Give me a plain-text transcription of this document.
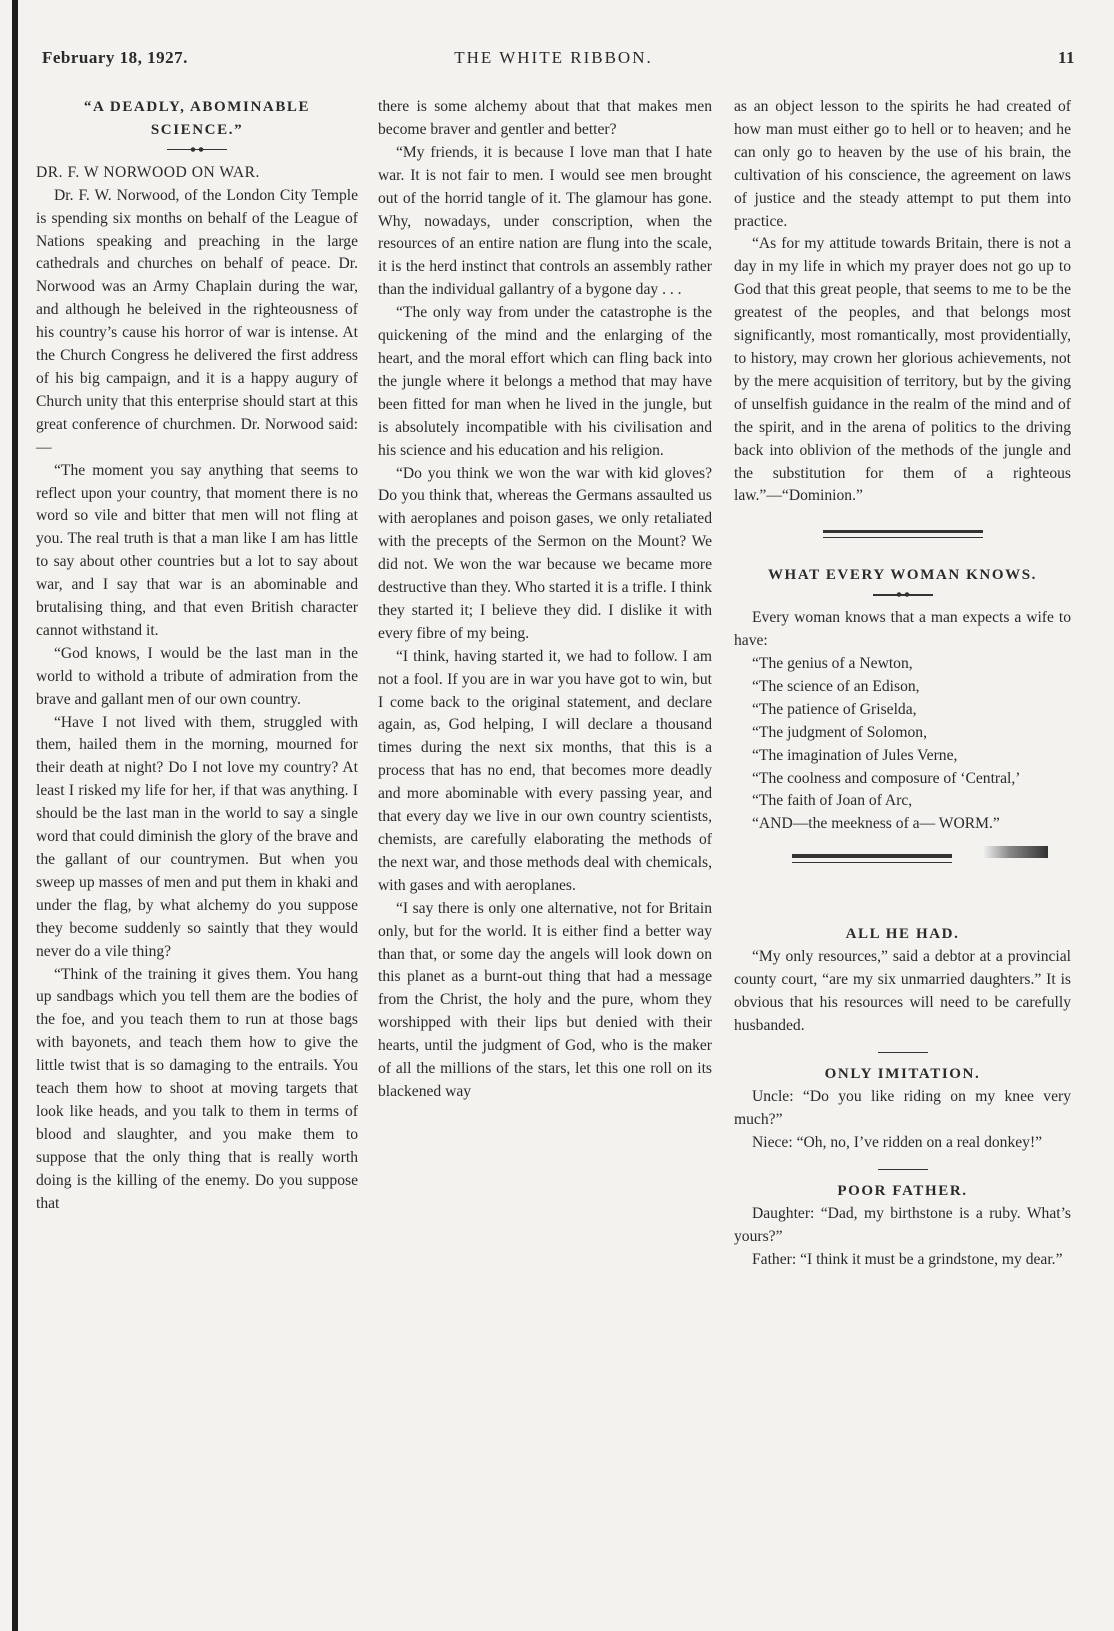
February 18, 1927.	THE WHITE RIBBON.	11
“A DEADLY, ABOMINABLE SCIENCE.”

DR. F. W NORWOOD ON WAR.

Dr. F. W. Norwood, of the London City Temple is spending six months on behalf of the League of Nations speaking and preaching in the large cathedrals and churches on behalf of peace. Dr. Norwood was an Army Chaplain during the war, and although he beleived in the righteousness of his country’s cause his horror of war is intense. At the Church Congress he delivered the first address of his big campaign, and it is a happy augury of Church unity that this enterprise should start at this great conference of churchmen. Dr. Norwood said:—

“The moment you say anything that seems to reflect upon your country, that moment there is no word so vile and bitter that men will not fling at you. The real truth is that a man like I am has little to say about other countries but a lot to say about war, and I say that war is an abominable and brutalising thing, and that even British character cannot withstand it.

“God knows, I would be the last man in the world to withold a tribute of admiration from the brave and gallant men of our own country.

“Have I not lived with them, struggled with them, hailed them in the morning, mourned for their death at night? Do I not love my country? At least I risked my life for her, if that was anything. I should be the last man in the world to say a single word that could diminish the glory of the brave and the gallant of our countrymen. But when you sweep up masses of men and put them in khaki and under the flag, by what alchemy do you suppose they become suddenly so saintly that they would never do a vile thing?

“Think of the training it gives them. You hang up sandbags which you tell them are the bodies of the foe, and you teach them to run at those bags with bayonets, and teach them how to give the little twist that is so damaging to the entrails. You teach them how to shoot at moving targets that look like heads, and you talk to them in terms of blood and slaughter, and you make them to suppose that the only thing that is really worth doing is the killing of the enemy. Do you suppose that

there is some alchemy about that that makes men become braver and gentler and better?

“My friends, it is because I love man that I hate war. It is not fair to men. I would see men brought out of the horrid tangle of it. The glamour has gone. Why, nowadays, under conscription, when the resources of an entire nation are flung into the scale, it is the herd instinct that controls an assembly rather than the individual gallantry of a bygone day . . .

“The only way from under the catastrophe is the quickening of the mind and the enlarging of the heart, and the moral effort which can fling back into the jungle where it belongs a method that may have been fitted for man when he lived in the jungle, but is absolutely incompatible with his civilisation and his science and his education and his religion.

“Do you think we won the war with kid gloves? Do you think that, whereas the Germans assaulted us with aeroplanes and poison gases, we only retaliated with the precepts of the Sermon on the Mount? We did not. We won the war because we became more destructive than they. Who started it is a trifle. I think they started it; I believe they did. I dislike it with every fibre of my being.

“I think, having started it, we had to follow. I am not a fool. If you are in war you have got to win, but I come back to the original statement, and declare again, as, God helping, I will declare a thousand times during the next six months, that this is a process that has no end, that becomes more deadly and more abominable with every passing year, and that every day we live in our own country scientists, chemists, are carefully elaborating the methods of the next war, and those methods deal with chemicals, with gases and with aeroplanes.

“I say there is only one alternative, not for Britain only, but for the world. It is either find a better way than that, or some day the angels will look down on this planet as a burnt-out thing that had a message from the Christ, the holy and the pure, whom they worshipped with their lips but denied with their hearts, until the judgment of God, who is the maker of all the millions of the stars, let this one roll on its blackened way

as an object lesson to the spirits he had created of how man must either go to hell or to heaven; and he can only go to heaven by the use of his brain, the cultivation of his conscience, the agreement on laws of justice and the steady attempt to put them into practice.

“As for my attitude towards Britain, there is not a day in my life in which my prayer does not go up to God that this great people, that seems to me to be the greatest of the peoples, and that belongs most significantly, most romantically, most providentially, to history, may crown her glorious achievements, not by the mere acquisition of territory, but by the giving of unselfish guidance in the realm of the mind and of the spirit, and in the arena of politics to the driving back into oblivion of the methods of the jungle and the substitution for them of a righteous law.”—“Dominion.”

WHAT EVERY WOMAN KNOWS.

Every woman knows that a man expects a wife to have:

“The genius of a Newton,

“The science of an Edison,

“The patience of Griselda,

“The judgment of Solomon,

“The imagination of Jules Verne,

“The coolness and composure of ‘Central,’

“The faith of Joan of Arc,

“AND—the meekness of a— WORM.”

ALL HE HAD.

“My only resources,” said a debtor at a provincial county court, “are my six unmarried daughters.” It is obvious that his resources will need to be carefully husbanded.

ONLY IMITATION.

Uncle: “Do you like riding on my knee very much?”

Niece: “Oh, no, I’ve ridden on a real donkey!”

POOR FATHER.

Daughter: “Dad, my birthstone is a ruby. What’s yours?”

Father: “I think it must be a grindstone, my dear.”
